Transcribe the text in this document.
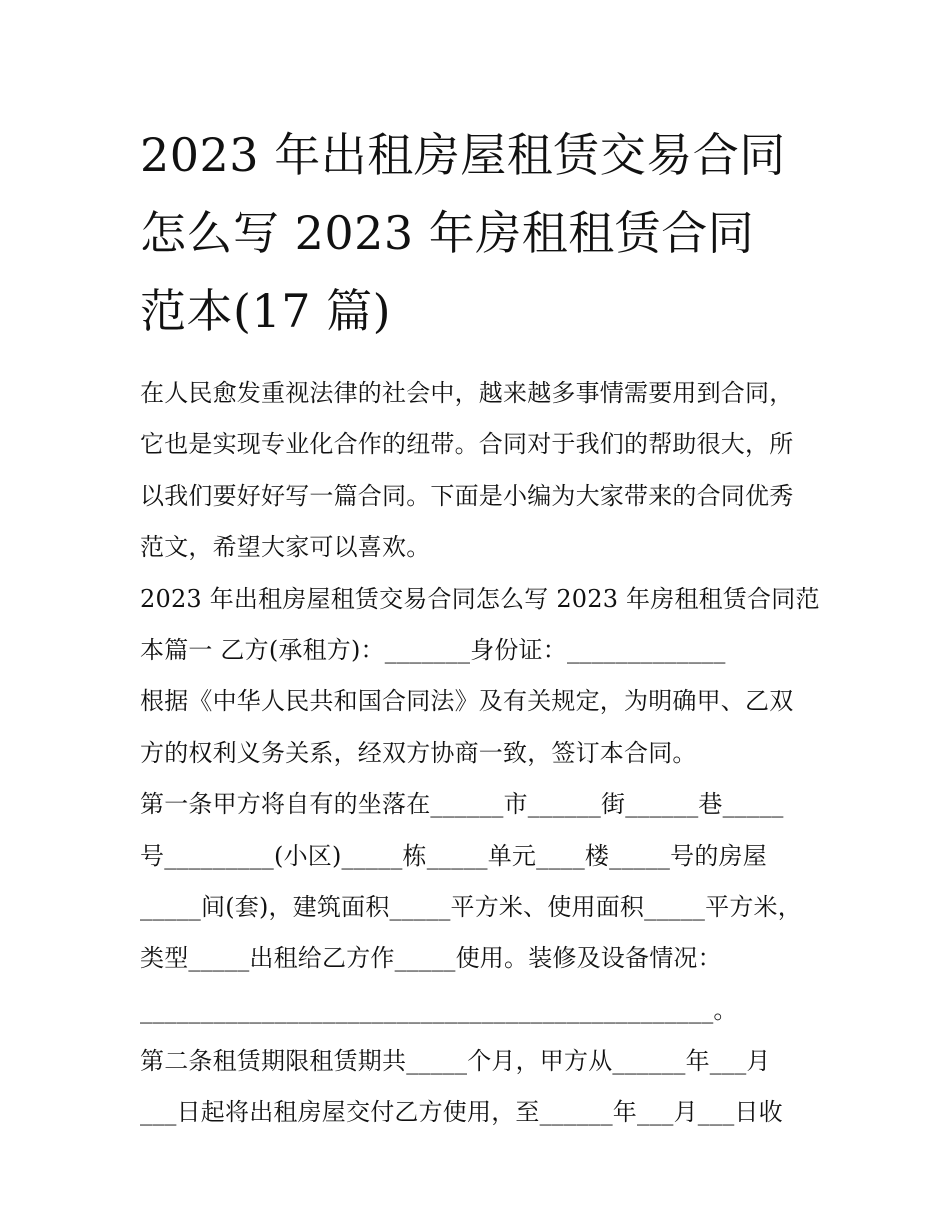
2023 年出租房屋租赁交易合同
怎么写 2023 年房租租赁合同
范本(17 篇)
在人民愈发重视法律的社会中，越来越多事情需要用到合同，
它也是实现专业化合作的纽带。合同对于我们的帮助很大，所
以我们要好好写一篇合同。下面是小编为大家带来的合同优秀
范文，希望大家可以喜欢。
2023 年出租房屋租赁交易合同怎么写 2023 年房租租赁合同范
本篇一 乙方(承租方)：_______身份证：_____________
根据《中华人民共和国合同法》及有关规定，为明确甲、乙双
方的权利义务关系，经双方协商一致，签订本合同。
第一条甲方将自有的坐落在______市______街______巷_____
号_________(小区)_____栋_____单元____楼_____号的房屋
_____间(套)，建筑面积_____平方米、使用面积_____平方米，
类型_____出租给乙方作_____使用。装修及设备情况：
_______________________________________________。
第二条租赁期限租赁期共_____个月，甲方从______年___月
___日起将出租房屋交付乙方使用，至______年___月___日收
